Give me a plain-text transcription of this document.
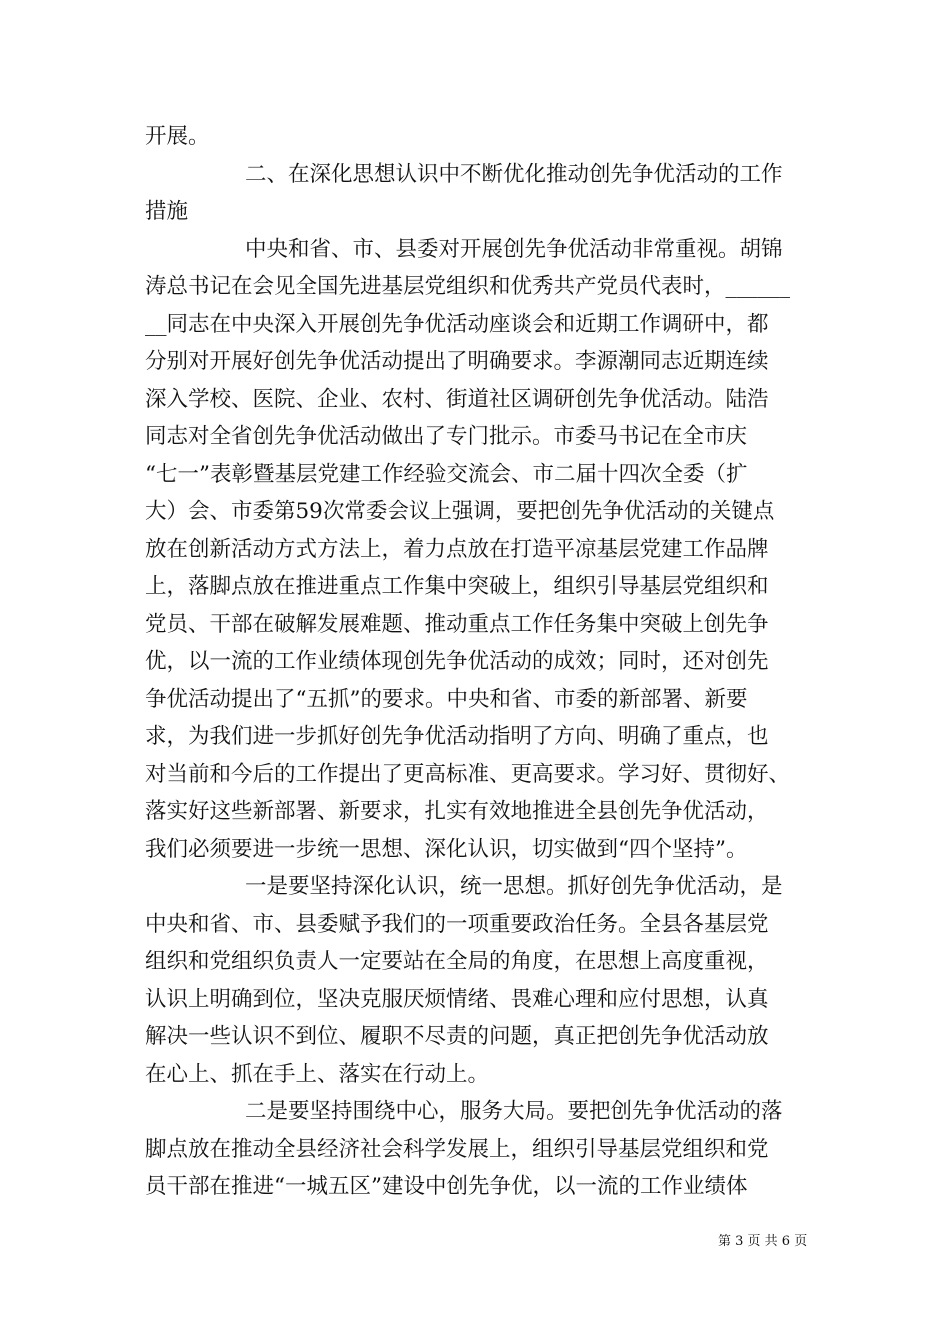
开展。
二、在深化思想认识中不断优化推动创先争优活动的工作
措施
中央和省、市、县委对开展创先争优活动非常重视。胡锦
涛总书记在会见全国先进基层党组织和优秀共产党员代表时，______
__同志在中央深入开展创先争优活动座谈会和近期工作调研中，都
分别对开展好创先争优活动提出了明确要求。李源潮同志近期连续
深入学校、医院、企业、农村、街道社区调研创先争优活动。陆浩
同志对全省创先争优活动做出了专门批示。市委马书记在全市庆
“七一”表彰暨基层党建工作经验交流会、市二届十四次全委（扩
大）会、市委第59次常委会议上强调，要把创先争优活动的关键点
放在创新活动方式方法上，着力点放在打造平凉基层党建工作品牌
上，落脚点放在推进重点工作集中突破上，组织引导基层党组织和
党员、干部在破解发展难题、推动重点工作任务集中突破上创先争
优，以一流的工作业绩体现创先争优活动的成效；同时，还对创先
争优活动提出了“五抓”的要求。中央和省、市委的新部署、新要
求，为我们进一步抓好创先争优活动指明了方向、明确了重点，也
对当前和今后的工作提出了更高标准、更高要求。学习好、贯彻好、
落实好这些新部署、新要求，扎实有效地推进全县创先争优活动，
我们必须要进一步统一思想、深化认识，切实做到“四个坚持”。
一是要坚持深化认识，统一思想。抓好创先争优活动，是
中央和省、市、县委赋予我们的一项重要政治任务。全县各基层党
组织和党组织负责人一定要站在全局的角度，在思想上高度重视，
认识上明确到位，坚决克服厌烦情绪、畏难心理和应付思想，认真
解决一些认识不到位、履职不尽责的问题，真正把创先争优活动放
在心上、抓在手上、落实在行动上。
二是要坚持围绕中心，服务大局。要把创先争优活动的落
脚点放在推动全县经济社会科学发展上，组织引导基层党组织和党
员干部在推进“一城五区”建设中创先争优，以一流的工作业绩体
第 3 页 共 6 页
